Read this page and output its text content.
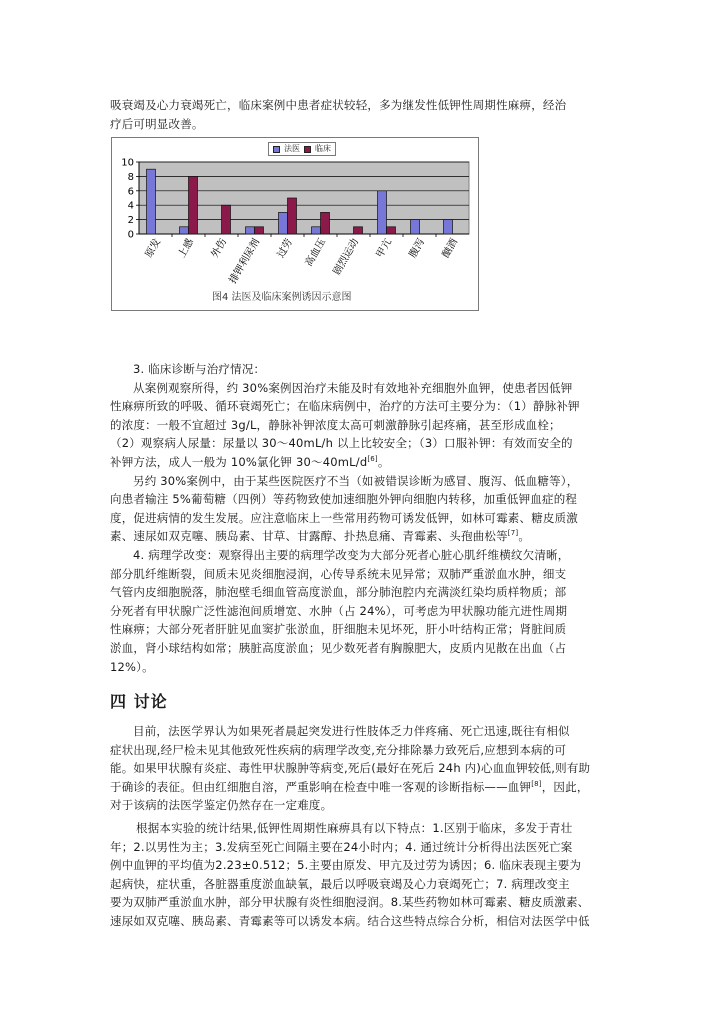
吸衰竭及心力衰竭死亡，临床案例中患者症状较轻，多为继发性低钾性周期性麻痹，经治
疗后可明显改善。
0
2
4
6
8
10
原发 上感 外伤
排钾利尿剂 过劳 高血压 剧烈运动 甲亢 腹泻 酗酒
法医 临床

图4 法医及临床案例诱因示意图

3. 临床诊断与治疗情况：
从案例观察所得，约 30%案例因治疗未能及时有效地补充细胞外血钾，使患者因低钾
性麻痹所致的呼吸、循环衰竭死亡；在临床病例中，治疗的方法可主要分为：（1）静脉补钾
的浓度：一般不宜超过 3g/L，静脉补钾浓度太高可刺激静脉引起疼痛，甚至形成血栓；
（2）观察病人尿量：尿量以 30～40mL/h 以上比较安全；（3）口服补钾：有效而安全的
补钾方法，成人一般为 10%氯化钾 30～40mL/d[6]。
另约 30%案例中，由于某些医院医疗不当（如被错误诊断为感冒、腹泻、低血糖等），
向患者输注 5%葡萄糖（四例）等药物致使加速细胞外钾向细胞内转移，加重低钾血症的程
度，促进病情的发生发展。应注意临床上一些常用药物可诱发低钾，如林可霉素、糖皮质激
素、速尿如双克噻、胰岛素、甘草、甘露醇、扑热息痛、青霉素、头孢曲松等[7]。
4. 病理学改变：观察得出主要的病理学改变为大部分死者心脏心肌纤维横纹欠清晰，
部分肌纤维断裂，间质未见炎细胞浸润，心传导系统未见异常；双肺严重淤血水肿，细支
气管内皮细胞脱落，肺泡壁毛细血管高度淤血，部分肺泡腔内充满淡红染均质样物质；部
分死者有甲状腺广泛性滤泡间质增宽、水肿（占 24%），可考虑为甲状腺功能亢进性周期
性麻痹；大部分死者肝脏见血窦扩张淤血，肝细胞未见坏死，肝小叶结构正常；肾脏间质
淤血，肾小球结构如常；胰脏高度淤血；见少数死者有胸腺肥大，皮质内见散在出血（占
12%）。

四 讨论

目前，法医学界认为如果死者晨起突发进行性肢体乏力伴疼痛、死亡迅速,既往有相似
症状出现,经尸检未见其他致死性疾病的病理学改变,充分排除暴力致死后,应想到本病的可
能。如果甲状腺有炎症、毒性甲状腺肿等病变,死后(最好在死后 24h 内)心血血钾较低,则有助
于确诊的表征。但由红细胞自溶，严重影响在检查中唯一客观的诊断指标——血钾[8]，因此，
对于该病的法医学鉴定仍然存在一定难度。
根据本实验的统计结果,低钾性周期性麻痹具有以下特点：1.区别于临床，多发于青壮
年；2.以男性为主；3.发病至死亡间隔主要在24小时内；4. 通过统计分析得出法医死亡案
例中血钾的平均值为2.23±0.512；5.主要由原发、甲亢及过劳为诱因；6. 临床表现主要为
起病快，症状重，各脏器重度淤血缺氧，最后以呼吸衰竭及心力衰竭死亡；7. 病理改变主
要为双肺严重淤血水肿，部分甲状腺有炎性细胞浸润。8.某些药物如林可霉素、糖皮质激素、
速尿如双克噻、胰岛素、青霉素等可以诱发本病。结合这些特点综合分析，相信对法医学中低
